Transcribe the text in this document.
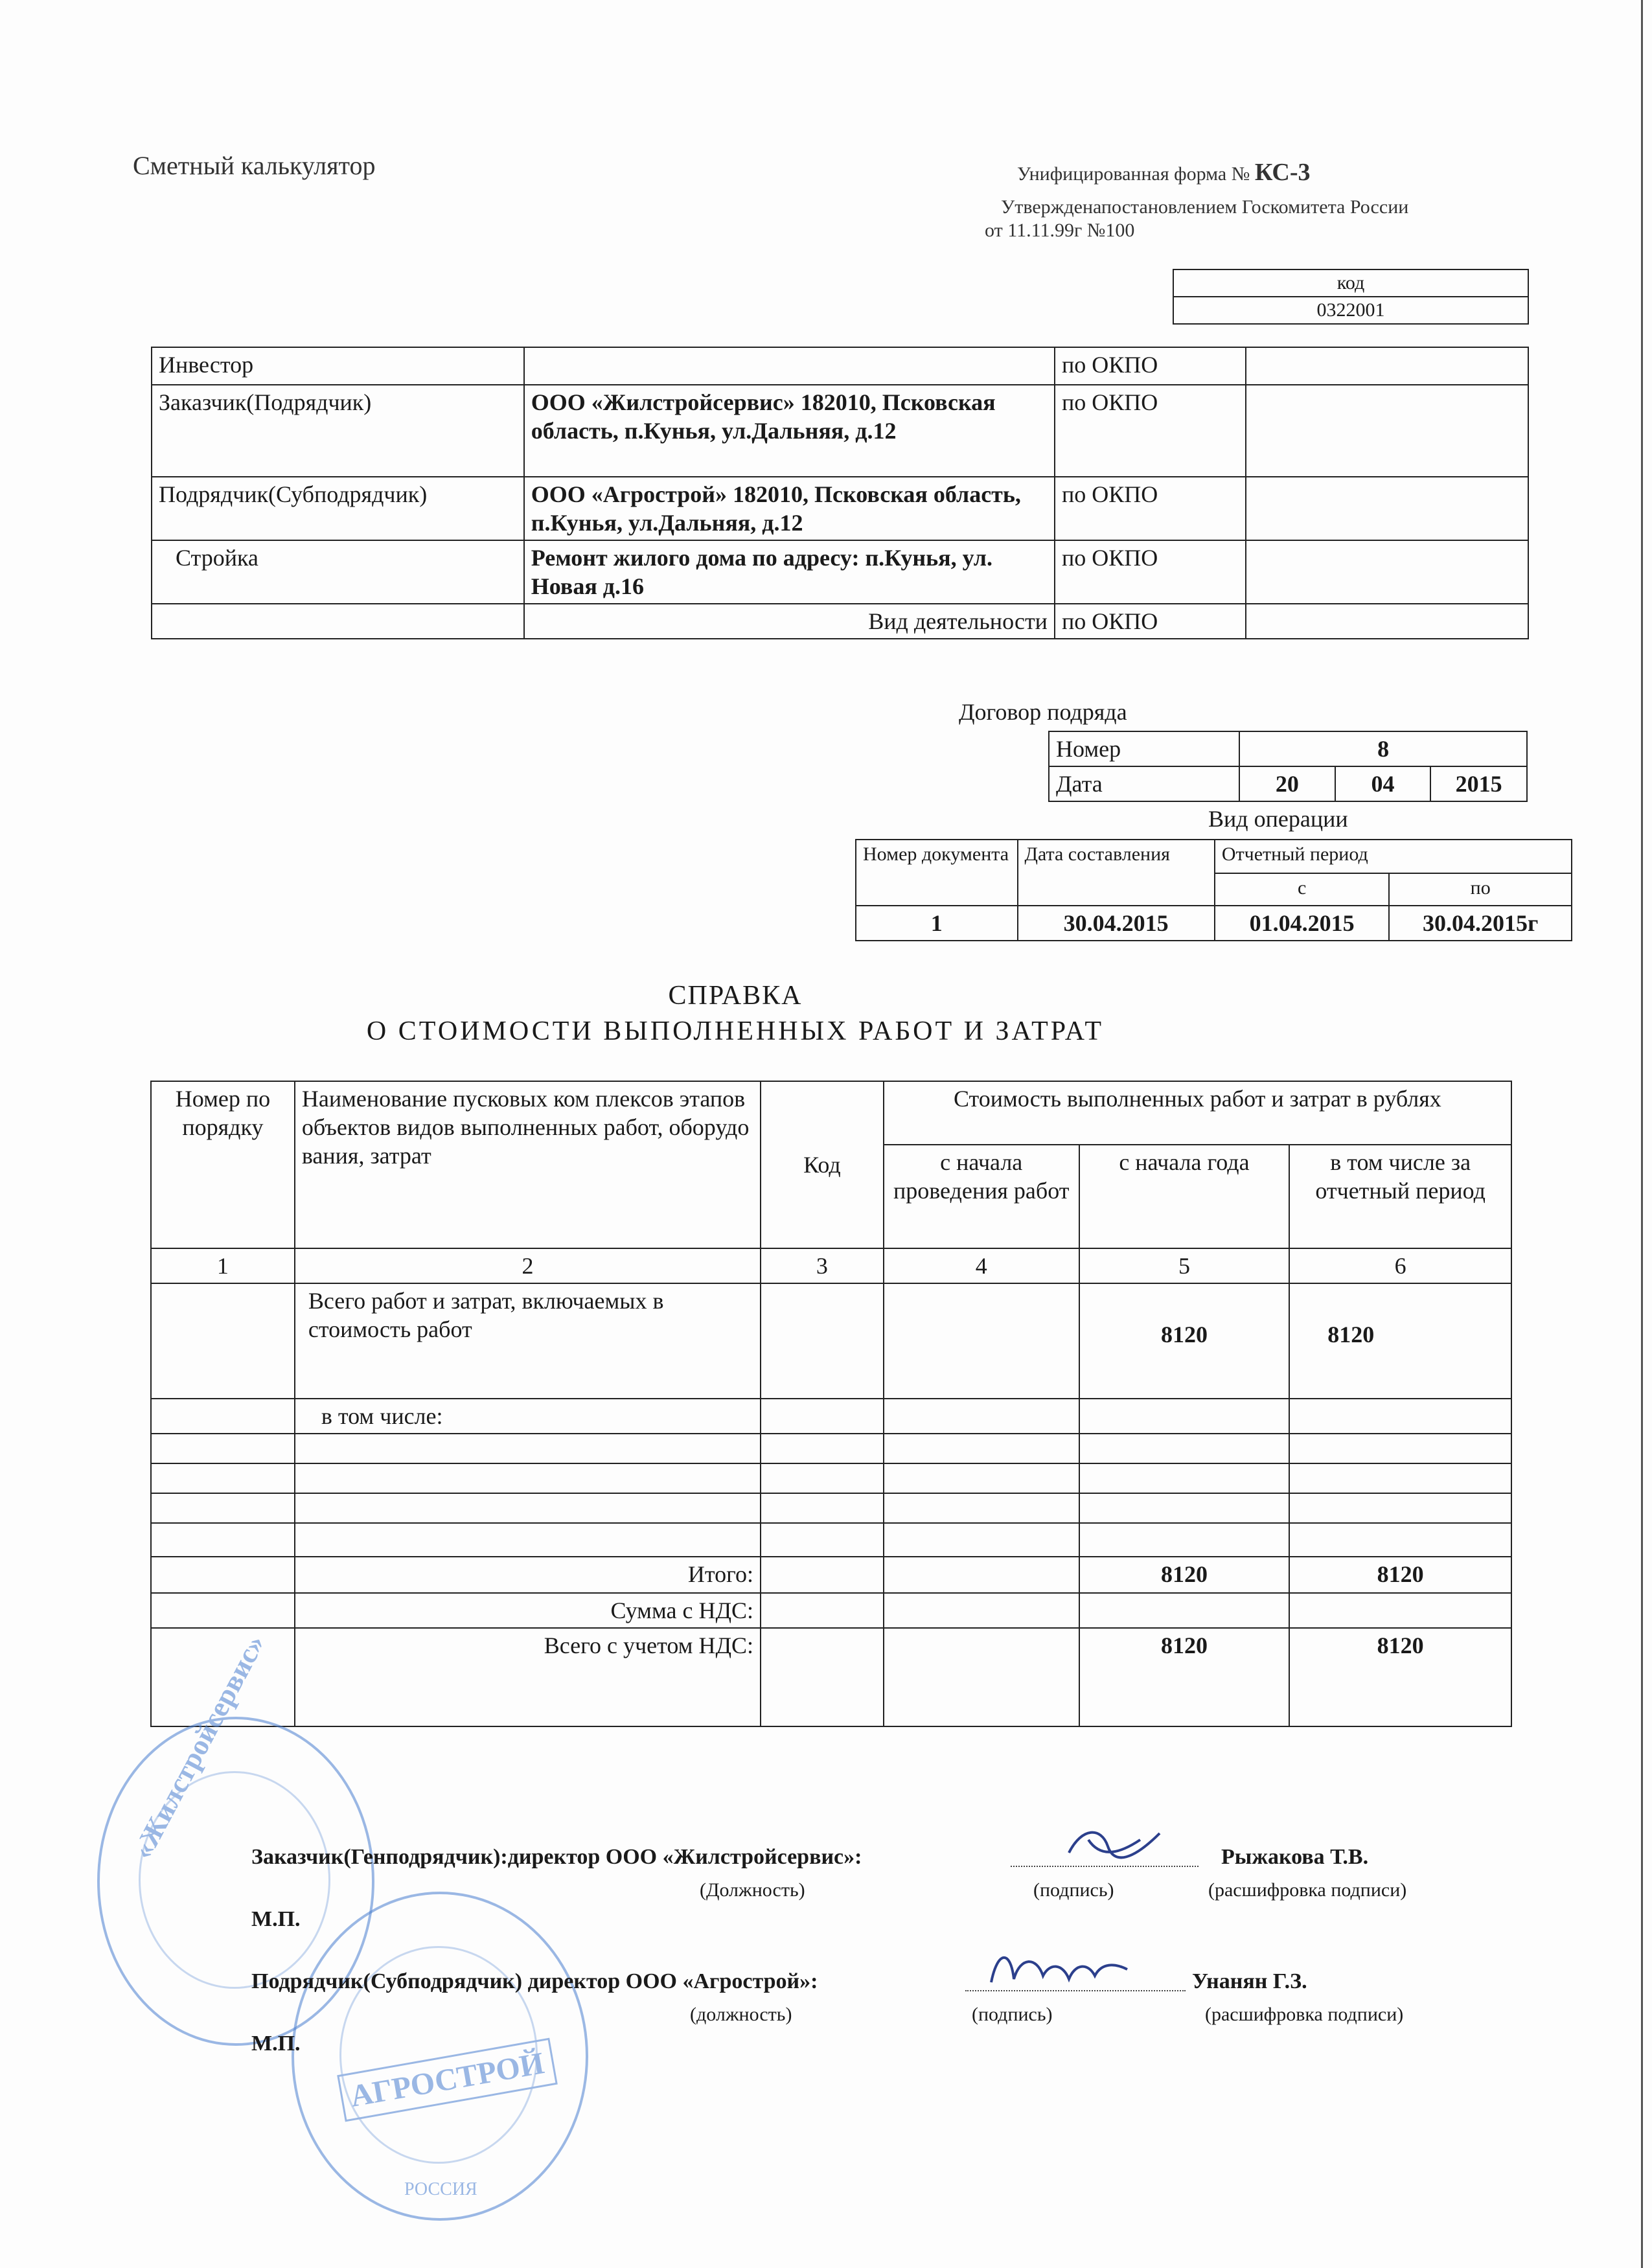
Сметный калькулятор	Унифицированная форма № КС-3
Утвержденапостановлением Госкомитета России
от 11.11.99г №100
код
0322001
Инвестор		по ОКПО	
Заказчик(Подрядчик)	ООО «Жилстройсервис» 182010, Псковская область, п.Кунья, ул.Дальняя, д.12	по ОКПО	
Подрядчик(Субподрядчик)	ООО «Агрострой» 182010, Псковская область, п.Кунья, ул.Дальняя, д.12	по ОКПО	
Стройка	Ремонт жилого дома по адресу: п.Кунья, ул. Новая д.16	по ОКПО	
	Вид деятельности	по ОКПО	
Договор подряда
Номер	8		
Дата	20	04	2015
Вид операции
Номер документа	Дата составления	Отчетный период	
		с	по
1	30.04.2015	01.04.2015	30.04.2015г
СПРАВКА
О СТОИМОСТИ ВЫПОЛНЕННЫХ РАБОТ И ЗАТРАТ
Номер по порядку	Наименование пусковых ком плексов этапов объектов видов выполненных работ, оборудо вания, затрат	Код	Стоимость выполненных работ и затрат в рублях		
			с начала проведения работ	с начала года	в том числе за отчетный период
1	2	3	4	5	6
	Всего работ и затрат, включаемых в стоимость работ			8120	8120
	в том числе:				

	Итого:			8120	8120
	Сумма с НДС:				
	Всего с учетом НДС:			8120	8120
«Жилстройсервис»
АГРОСТРОЙ
РОССИЯ
Заказчик(Генподрядчик):директор ООО «Жилстройсервис»:	Рыжакова Т.В.
(Должность)	(подпись)	(расшифровка подписи)
М.П.
Подрядчик(Субподрядчик) директор ООО «Агрострой»:	Унанян Г.З.
(должность)	(подпись)	(расшифровка подписи)
М.П.
